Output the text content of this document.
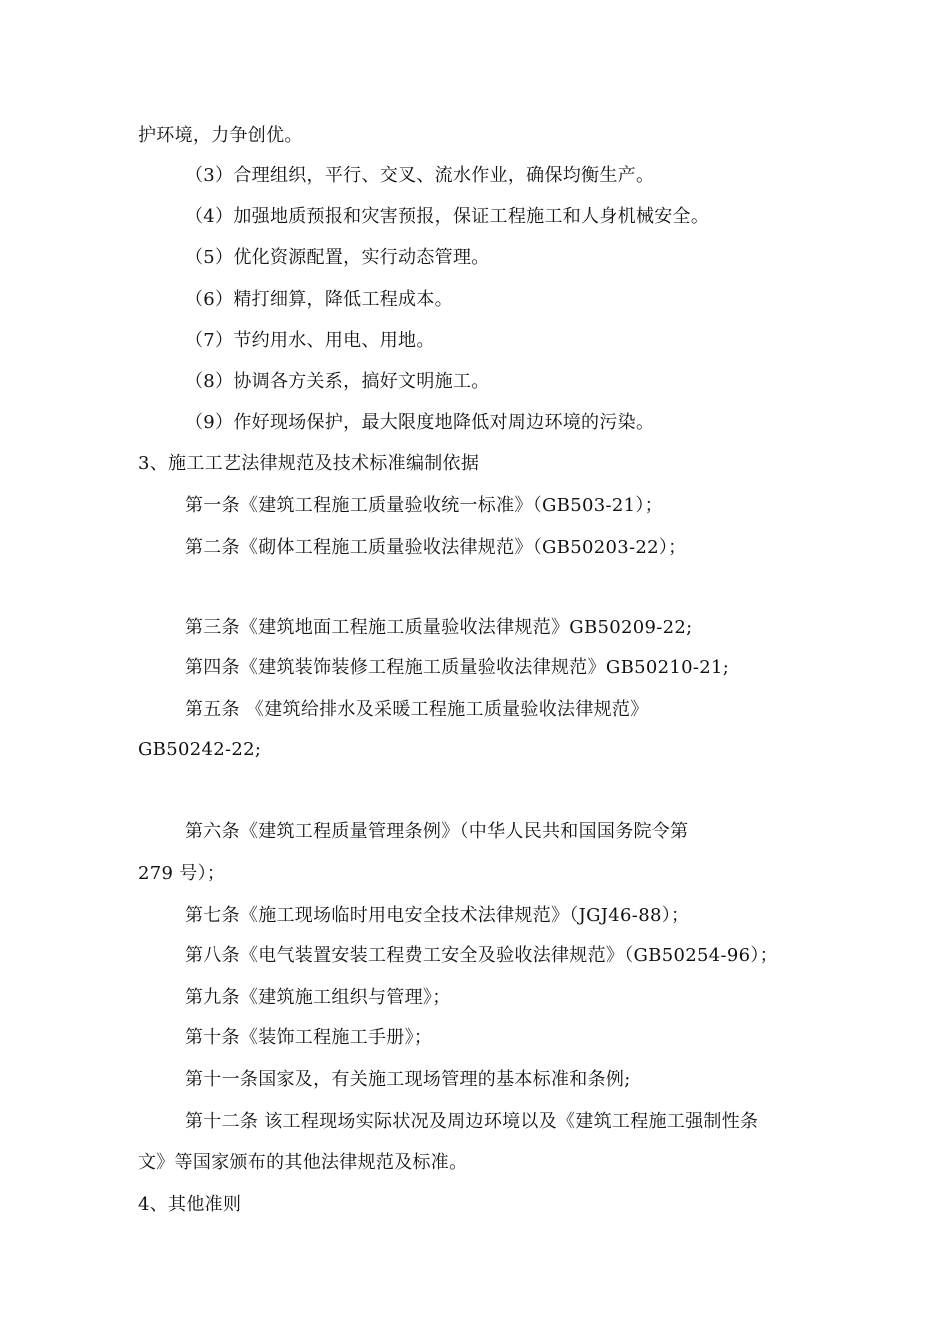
护环境，力争创优。
（3）合理组织，平行、交叉、流水作业，确保均衡生产。
（4）加强地质预报和灾害预报，保证工程施工和人身机械安全。
（5）优化资源配置，实行动态管理。
（6）精打细算，降低工程成本。
（7）节约用水、用电、用地。
（8）协调各方关系，搞好文明施工。
（9）作好现场保护，最大限度地降低对周边环境的污染。
3、施工工艺法律规范及技术标准编制依据
第一条《建筑工程施工质量验收统一标准》（GB503-21）；
第二条《砌体工程施工质量验收法律规范》（GB50203-22）；
第三条《建筑地面工程施工质量验收法律规范》GB50209-22;
第四条《建筑装饰装修工程施工质量验收法律规范》GB50210-21;
第五条 《建筑给排水及采暖工程施工质量验收法律规范》
GB50242-22;
第六条《建筑工程质量管理条例》（中华人民共和国国务院令第
279 号）；
第七条《施工现场临时用电安全技术法律规范》（JGJ46-88）；
第八条《电气装置安装工程费工安全及验收法律规范》（GB50254-96）；
第九条《建筑施工组织与管理》；
第十条《装饰工程施工手册》；
第十一条国家及，有关施工现场管理的基本标准和条例;
第十二条 该工程现场实际状况及周边环境以及《建筑工程施工强制性条
文》等国家颁布的其他法律规范及标准。
4、其他准则
